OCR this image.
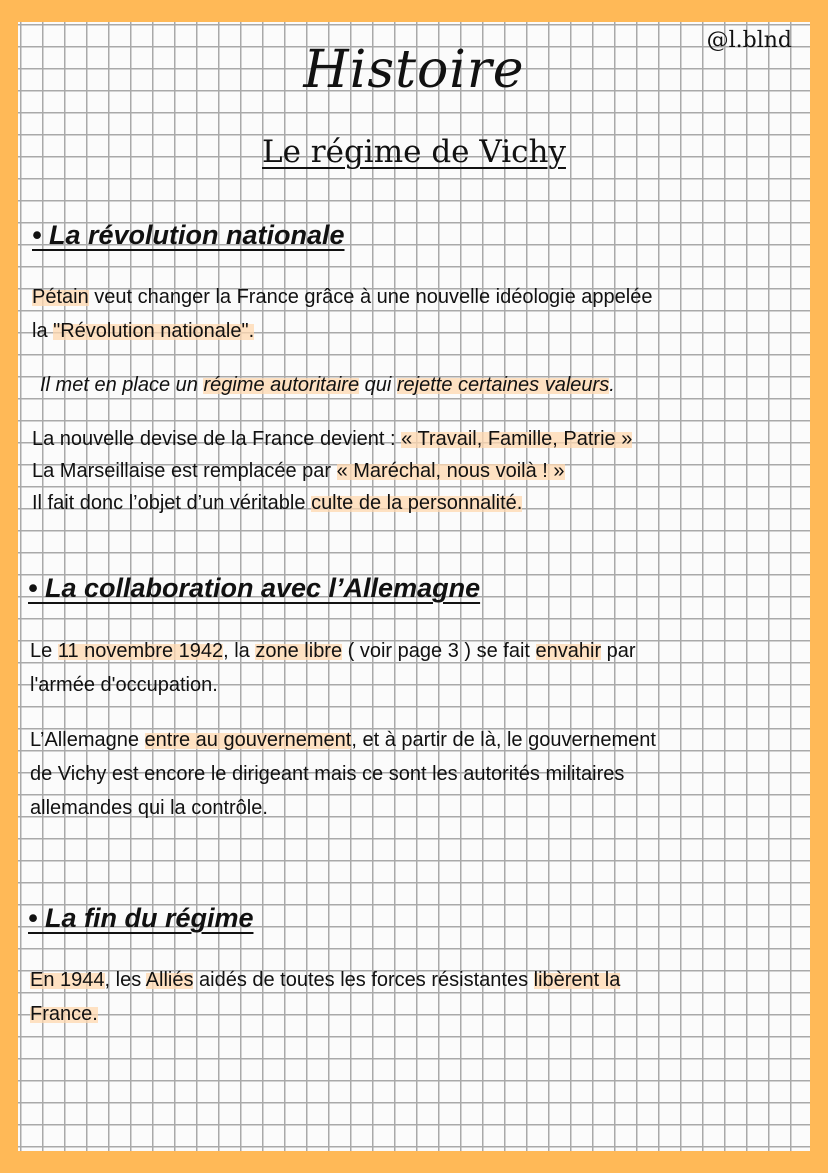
@l.blnd
Histoire
Le régime de Vichy
• La révolution nationale
Pétain veut changer la France grâce à une nouvelle idéologie appelée
la "Révolution nationale".
Il met en place un régime autoritaire qui rejette certaines valeurs.
La nouvelle devise de la France devient : « Travail, Famille, Patrie »
La Marseillaise est remplacée par « Maréchal, nous voilà ! »
Il fait donc l’objet d’un véritable culte de la personnalité.
• La collaboration avec l’Allemagne
Le 11 novembre 1942, la zone libre ( voir page 3 ) se fait envahir par
l'armée d'occupation.
L’Allemagne entre au gouvernement, et à partir de là, le gouvernement
de Vichy est encore le dirigeant mais ce sont les autorités militaires
allemandes qui la contrôle.
• La fin du régime
En 1944, les Alliés aidés de toutes les forces résistantes libèrent la
France.
